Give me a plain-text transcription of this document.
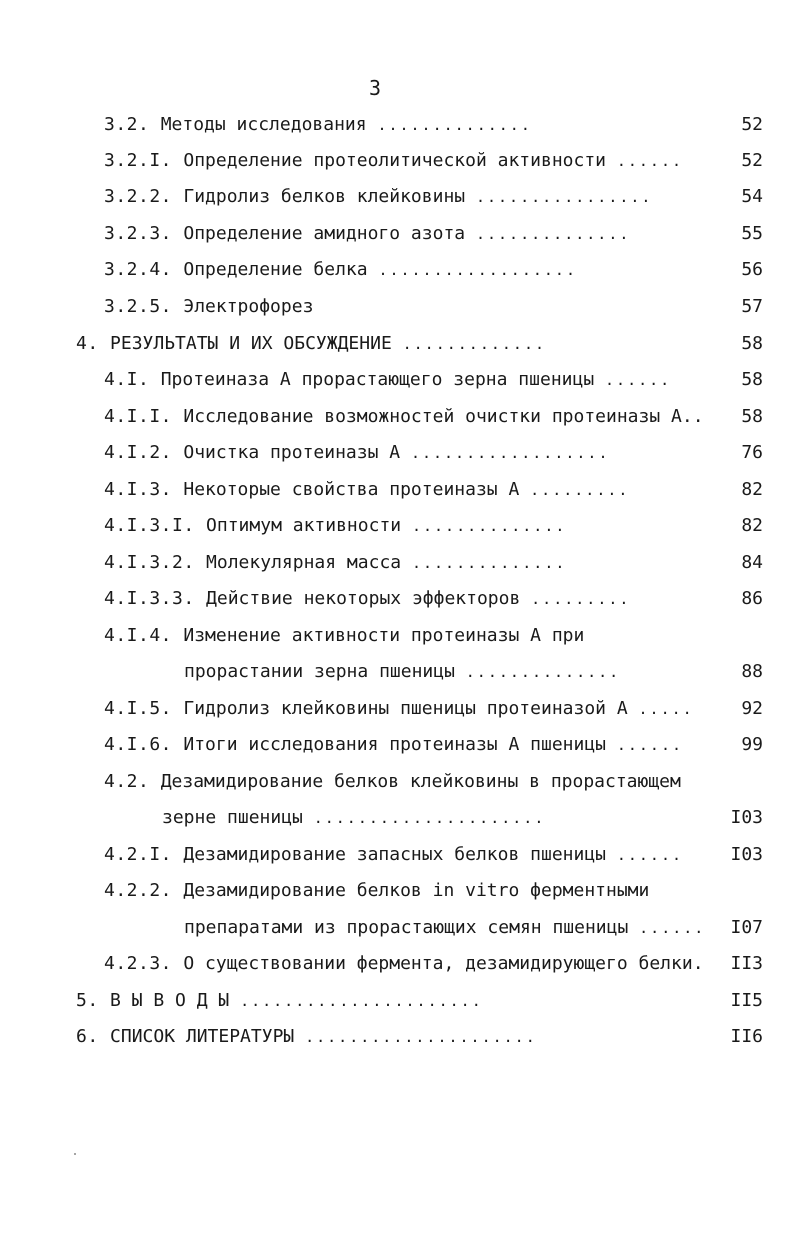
3
3.2. Методы исследования ..............	52
3.2.I. Определение протеолитической активности ......	52
3.2.2. Гидролиз белков клейковины ................	54
3.2.3. Определение амидного азота ..............	55
3.2.4. Определение белка ..................	56
3.2.5. Электрофорез	57
4. РЕЗУЛЬТАТЫ И ИХ ОБСУЖДЕНИЕ .............	58
4.I. Протеиназа А прорастающего зерна пшеницы ......	58
4.I.I. Исследование возможностей очистки протеиназы А.. 58
4.I.2. Очистка протеиназы А ..................	76
4.I.3. Некоторые свойства протеиназы А .........	82
4.I.3.I. Оптимум активности ..............	82
4.I.3.2. Молекулярная масса ..............	84
4.I.3.3. Действие некоторых эффекторов .........	86
4.I.4. Изменение активности протеиназы А при
прорастании зерна пшеницы ..............	88
4.I.5. Гидролиз клейковины пшеницы протеиназой А .....	92
4.I.6. Итоги исследования протеиназы А пшеницы ......	99
4.2. Дезамидирование белков клейковины в прорастающем
зерне пшеницы .....................	I03
4.2.I. Дезамидирование запасных белков пшеницы ......	I03
4.2.2. Дезамидирование белков in vitro ферментными
препаратами из прорастающих семян пшеницы ...... I07
4.2.3. О существовании фермента, дезамидирующего белки. II3
5. В Ы В О Д Ы ......................	II5
6. СПИСОК ЛИТЕРАТУРЫ .....................	II6
